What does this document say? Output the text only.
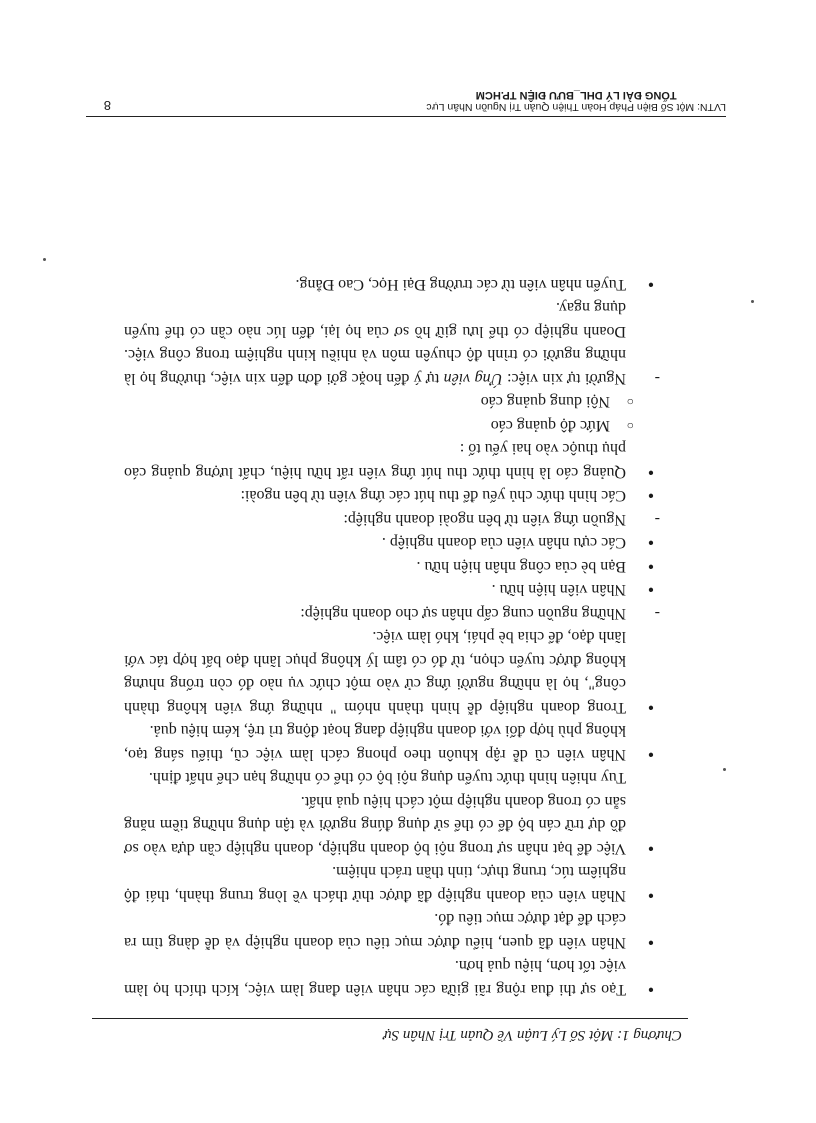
Chương 1: Một Số Lý Luận Về Quản Trị Nhân Sự

● Tạo sự thi đua rộng rãi giữa các nhân viên đang làm việc, kích thích họ làm việc tốt hơn, hiệu quả hơn.

● Nhân viên đã quen, hiểu được mục tiêu của doanh nghiệp và dễ dàng tìm ra cách để đạt được mục tiêu đó.

● Nhân viên của doanh nghiệp đã được thử thách về lòng trung thành, thái độ nghiêm túc, trung thực, tinh thần trách nhiệm.

● Việc để bạt nhân sự trong nội bộ doanh nghiệp, doanh nghiệp cần dựa vào sơ đồ dự trữ cán bộ để có thể sử dụng đúng người và tận dụng những tiềm năng sẵn có trong doanh nghiệp một cách hiệu quả nhất.

Tuy nhiên hình thức tuyển dụng nội bộ có thể có những hạn chế nhất định.

● Nhân viên cũ dễ rập khuôn theo phong cách làm việc cũ, thiếu sáng tạo, không phù hợp đối với doanh nghiệp đang hoạt động trì trệ, kém hiệu quả.

● Trong doanh nghiệp dễ hình thành nhóm " những ứng viên không thành công", họ là những người ứng cử vào một chức vụ nào đó còn trống nhưng không được tuyển chọn, từ đó có tâm lý không phục lãnh đạo bất hợp tác với lãnh đạo, để chia bè phái, khó làm việc.

- Những nguồn cung cấp nhân sự cho doanh nghiệp:

● Nhân viên hiện hữu .

● Bạn bè của công nhân hiện hữu .

● Các cựu nhân viên của doanh nghiệp .

- Nguồn ứng viên từ bên ngoài doanh nghiệp:

● Các hình thức chủ yếu để thu hút các ứng viên từ bên ngoài:

● Quảng cáo là hình thức thu hút ứng viên rất hữu hiệu, chất lượng quảng cáo phụ thuộc vào hai yếu tố :

○ Mức độ quảng cáo

○ Nội dung quảng cáo

- Người tự xin việc: Ứng viên tự ý đến hoặc gởi đơn đến xin việc, thường họ là những người có trình độ chuyên môn và nhiều kinh nghiệm trong công việc. Doanh nghiệp có thể lưu giữ hồ sơ của họ lại, đến lúc nào cần có thể tuyển dụng ngay.

● Tuyển nhân viên từ các trường Đại Học, Cao Đẳng.

LVTN: Một Số Biện Pháp Hoàn Thiện Quản Trị Nguồn Nhân Lực
TỔNG ĐÀI LÝ DHL_BƯU ĐIỆN TP.HCM
8
